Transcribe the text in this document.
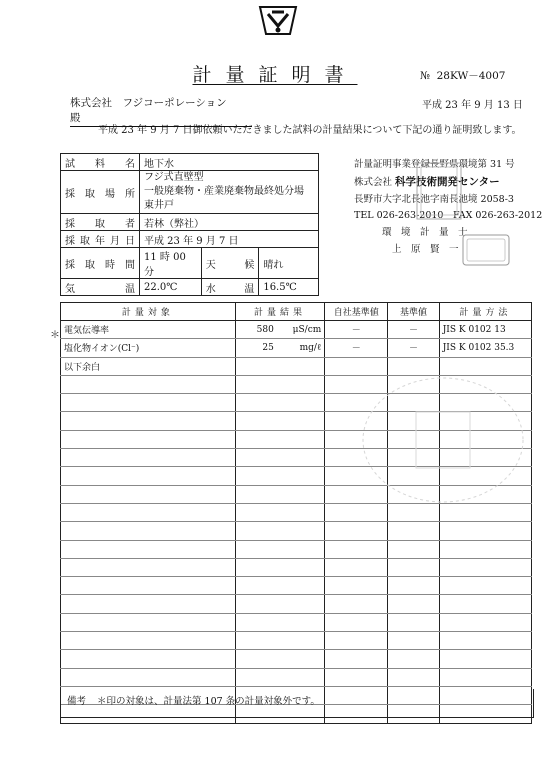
計量証明書	№ 28KW－4007
株式会社　フジコーポレーション　　殿
平成 23 年 9 月 13 日
平成 23 年 9 月 7 日御依頼いただきました試料の計量結果について下記の通り証明致します。
試料名	地下水		

採取場所	フジ式直壁型
一般廃棄物・産業廃棄物最終処分場
東井戸		

採取者	若林（弊社）		

採取年月日	平成 23 年 9 月 7 日		

採取時間	11 時 00 分	天候	晴れ

気温	22.0℃	水温	16.5℃
計量証明事業登録長野県環境第 31 号
株式会社 科学技術開発センター
長野市大字北長池字南長池境 2058-3
TEL 026-263-2010　FAX 026-263-2012
環　境　計　量　士
上　原　賢　一
＊
計量対象	計量結果		自社基準値	基準値	計量方法
電気伝導率	580	μS/cm	－	－	JIS K 0102 13
塩化物イオン(Cl⁻)	25	mg/ℓ	－	－	JIS K 0102 35.3
以下余白					

備考 ＊印の対象は、計量法第 107 条の計量対象外です。
